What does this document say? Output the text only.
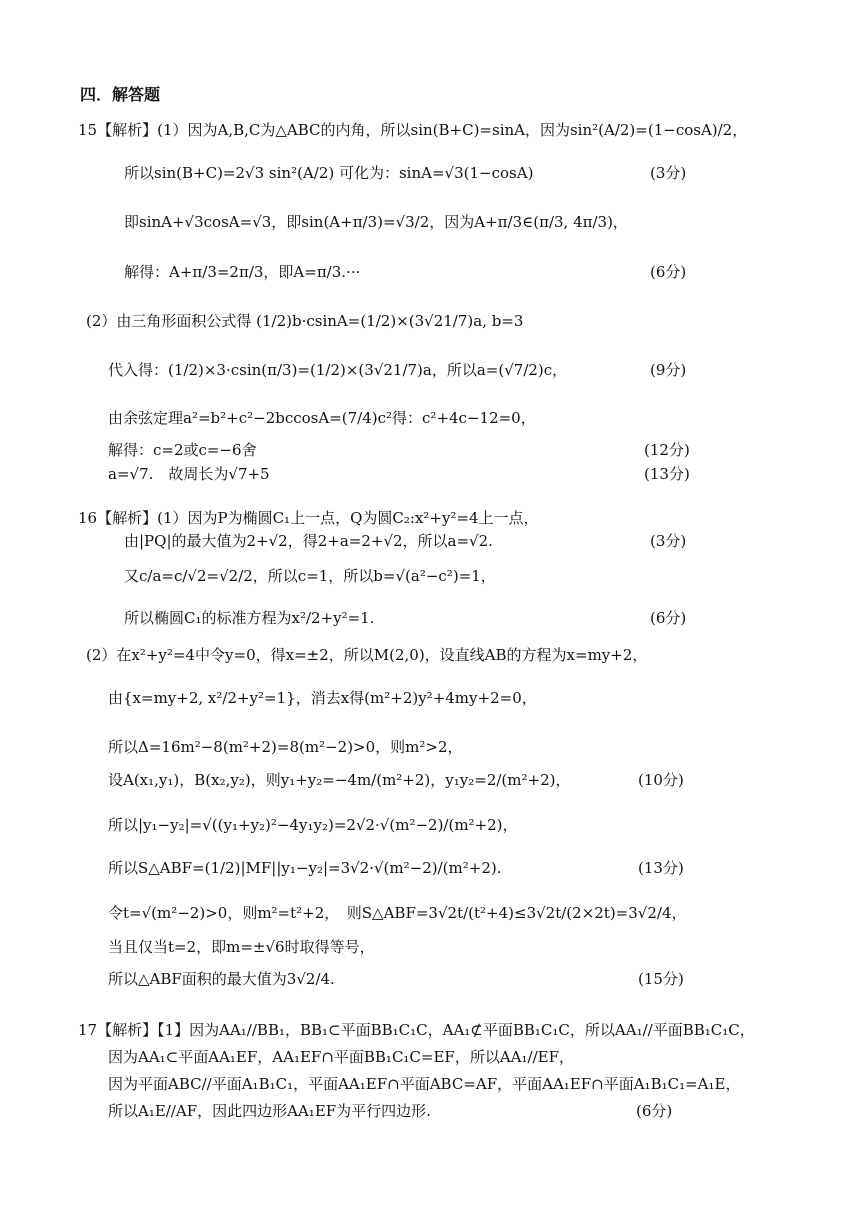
四．解答题
15【解析】(1）因为A,B,C为△ABC的内角，所以sin(B+C)=sinA，因为sin²(A/2)=(1−cosA)/2，
所以sin(B+C)=2√3 sin²(A/2) 可化为：sinA=√3(1−cosA)	(3分)
即sinA+√3cosA=√3，即sin(A+π/3)=√3/2，因为A+π/3∈(π/3, 4π/3)，
解得：A+π/3=2π/3，即A=π/3.···	(6分)
(2）由三角形面积公式得 (1/2)b·csinA=(1/2)×(3√21/7)a, b=3
代入得：(1/2)×3·csin(π/3)=(1/2)×(3√21/7)a，所以a=(√7/2)c，	(9分)
由余弦定理a²=b²+c²−2bccosA=(7/4)c²得：c²+4c−12=0，
解得：c=2或c=−6舍	(12分)
a=√7.　故周长为√7+5	(13分)
16【解析】(1）因为P为椭圆C₁上一点，Q为圆C₂:x²+y²=4上一点，
由|PQ|的最大值为2+√2，得2+a=2+√2，所以a=√2.	(3分)
又c/a=c/√2=√2/2，所以c=1，所以b=√(a²−c²)=1，
所以椭圆C₁的标准方程为x²/2+y²=1.	(6分)
(2）在x²+y²=4中令y=0，得x=±2，所以M(2,0)，设直线AB的方程为x=my+2，
由{x=my+2, x²/2+y²=1}，消去x得(m²+2)y²+4my+2=0，
所以Δ=16m²−8(m²+2)=8(m²−2)>0，则m²>2，
设A(x₁,y₁)，B(x₂,y₂)，则y₁+y₂=−4m/(m²+2)，y₁y₂=2/(m²+2)，	(10分)
所以|y₁−y₂|=√((y₁+y₂)²−4y₁y₂)=2√2·√(m²−2)/(m²+2)，
所以S△ABF=(1/2)|MF||y₁−y₂|=3√2·√(m²−2)/(m²+2).	(13分)
令t=√(m²−2)>0，则m²=t²+2，　则S△ABF=3√2t/(t²+4)≤3√2t/(2×2t)=3√2/4，
当且仅当t=2，即m=±√6时取得等号，
所以△ABF面积的最大值为3√2/4.	(15分)
17【解析】【1】因为AA₁//BB₁，BB₁⊂平面BB₁C₁C，AA₁⊄平面BB₁C₁C，所以AA₁//平面BB₁C₁C，
因为AA₁⊂平面AA₁EF，AA₁EF∩平面BB₁C₁C=EF，所以AA₁//EF，
因为平面ABC//平面A₁B₁C₁，平面AA₁EF∩平面ABC=AF，平面AA₁EF∩平面A₁B₁C₁=A₁E，
所以A₁E//AF，因此四边形AA₁EF为平行四边形.	(6分)
